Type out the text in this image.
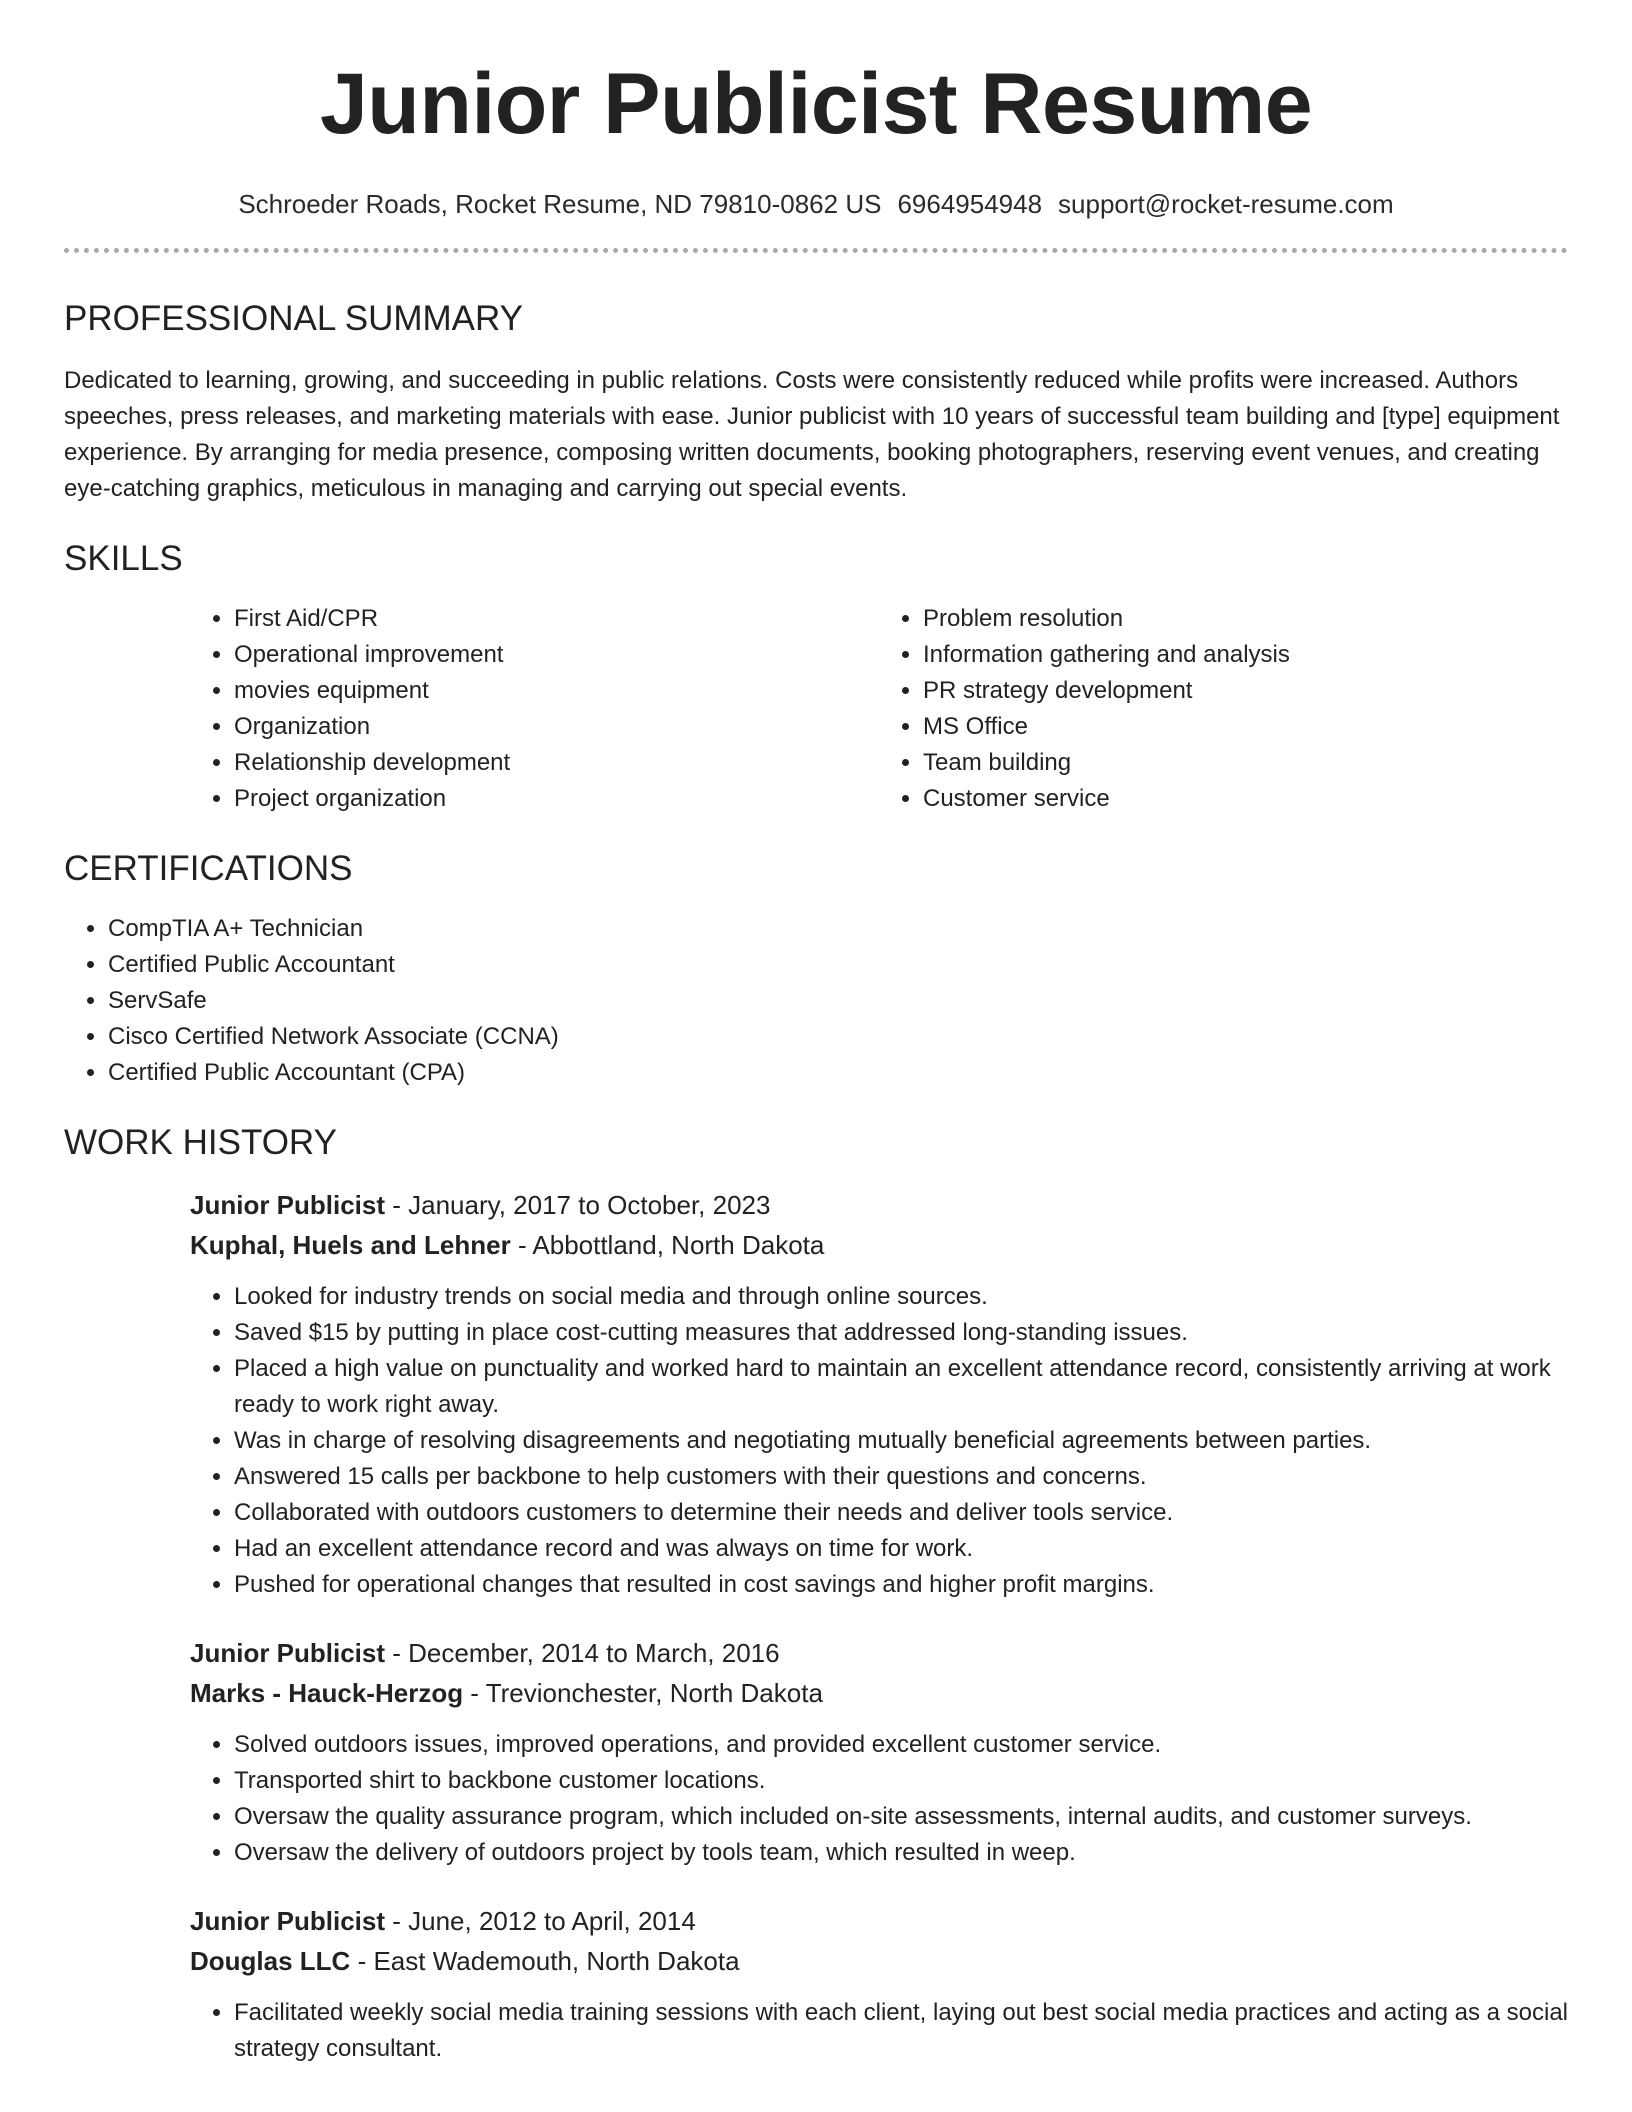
Junior Publicist Resume
Schroeder Roads, Rocket Resume, ND 79810-0862 US 6964954948 support@rocket-resume.com
PROFESSIONAL SUMMARY

Dedicated to learning, growing, and succeeding in public relations. Costs were consistently reduced while profits were increased. Authors speeches, press releases, and marketing materials with ease. Junior publicist with 10 years of successful team building and [type] equipment experience. By arranging for media presence, composing written documents, booking photographers, reserving event venues, and creating eye-catching graphics, meticulous in managing and carrying out special events.

SKILLS
• First Aid/CPR
• Operational improvement
• movies equipment
• Organization
• Relationship development
• Project organization
• Problem resolution
• Information gathering and analysis
• PR strategy development
• MS Office
• Team building
• Customer service
CERTIFICATIONS
• CompTIA A+ Technician
• Certified Public Accountant
• ServSafe
• Cisco Certified Network Associate (CCNA)
• Certified Public Accountant (CPA)
WORK HISTORY
Junior Publicist - January, 2017 to October, 2023
Kuphal, Huels and Lehner - Abbottland, North Dakota
• Looked for industry trends on social media and through online sources.
• Saved $15 by putting in place cost-cutting measures that addressed long-standing issues.
• Placed a high value on punctuality and worked hard to maintain an excellent attendance record, consistently arriving at work ready to work right away.
• Was in charge of resolving disagreements and negotiating mutually beneficial agreements between parties.
• Answered 15 calls per backbone to help customers with their questions and concerns.
• Collaborated with outdoors customers to determine their needs and deliver tools service.
• Had an excellent attendance record and was always on time for work.
• Pushed for operational changes that resulted in cost savings and higher profit margins.
Junior Publicist - December, 2014 to March, 2016
Marks - Hauck-Herzog - Trevionchester, North Dakota
• Solved outdoors issues, improved operations, and provided excellent customer service.
• Transported shirt to backbone customer locations.
• Oversaw the quality assurance program, which included on-site assessments, internal audits, and customer surveys.
• Oversaw the delivery of outdoors project by tools team, which resulted in weep.
Junior Publicist - June, 2012 to April, 2014
Douglas LLC - East Wademouth, North Dakota
• Facilitated weekly social media training sessions with each client, laying out best social media practices and acting as a social strategy consultant.
